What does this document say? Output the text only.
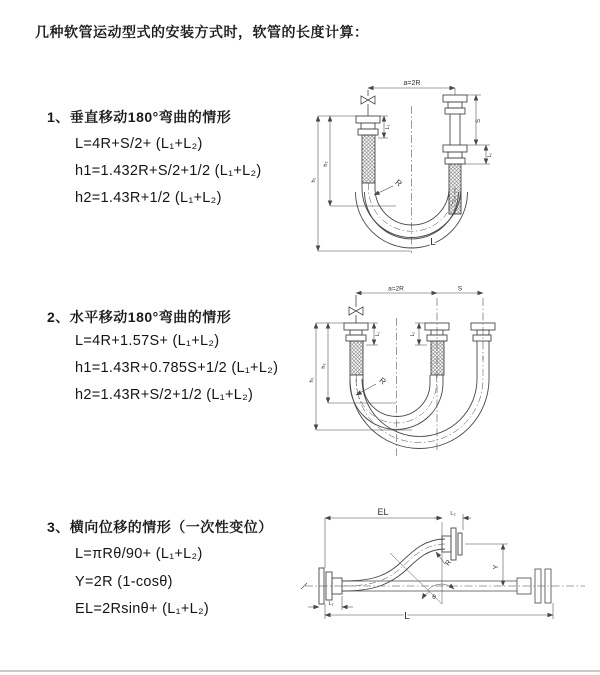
几种软管运动型式的安装方式时，软管的长度计算：
1、垂直移动180°弯曲的情形
L=4R+S/2+ (L₁+L₂)
h1=1.432R+S/2+1/2 (L₁+L₂)
h2=1.43R+1/2 (L₁+L₂)
2、水平移动180°弯曲的情形
L=4R+1.57S+ (L₁+L₂)
h1=1.43R+0.785S+1/2 (L₁+L₂)
h2=1.43R+S/2+1/2 (L₁+L₂)
3、横向位移的情形（一次性变位）
L=πRθ/90+ (L₁+L₂)
Y=2R (1-cosθ)
EL=2Rsinθ+ (L₁+L₂)
a=2R
h₁
h₂
L₁
S
L₂
R
L
a=2R	S
h₁
h₂
L₁	L₂
R
EL	L₂
θ
R	Y
L₁
L
